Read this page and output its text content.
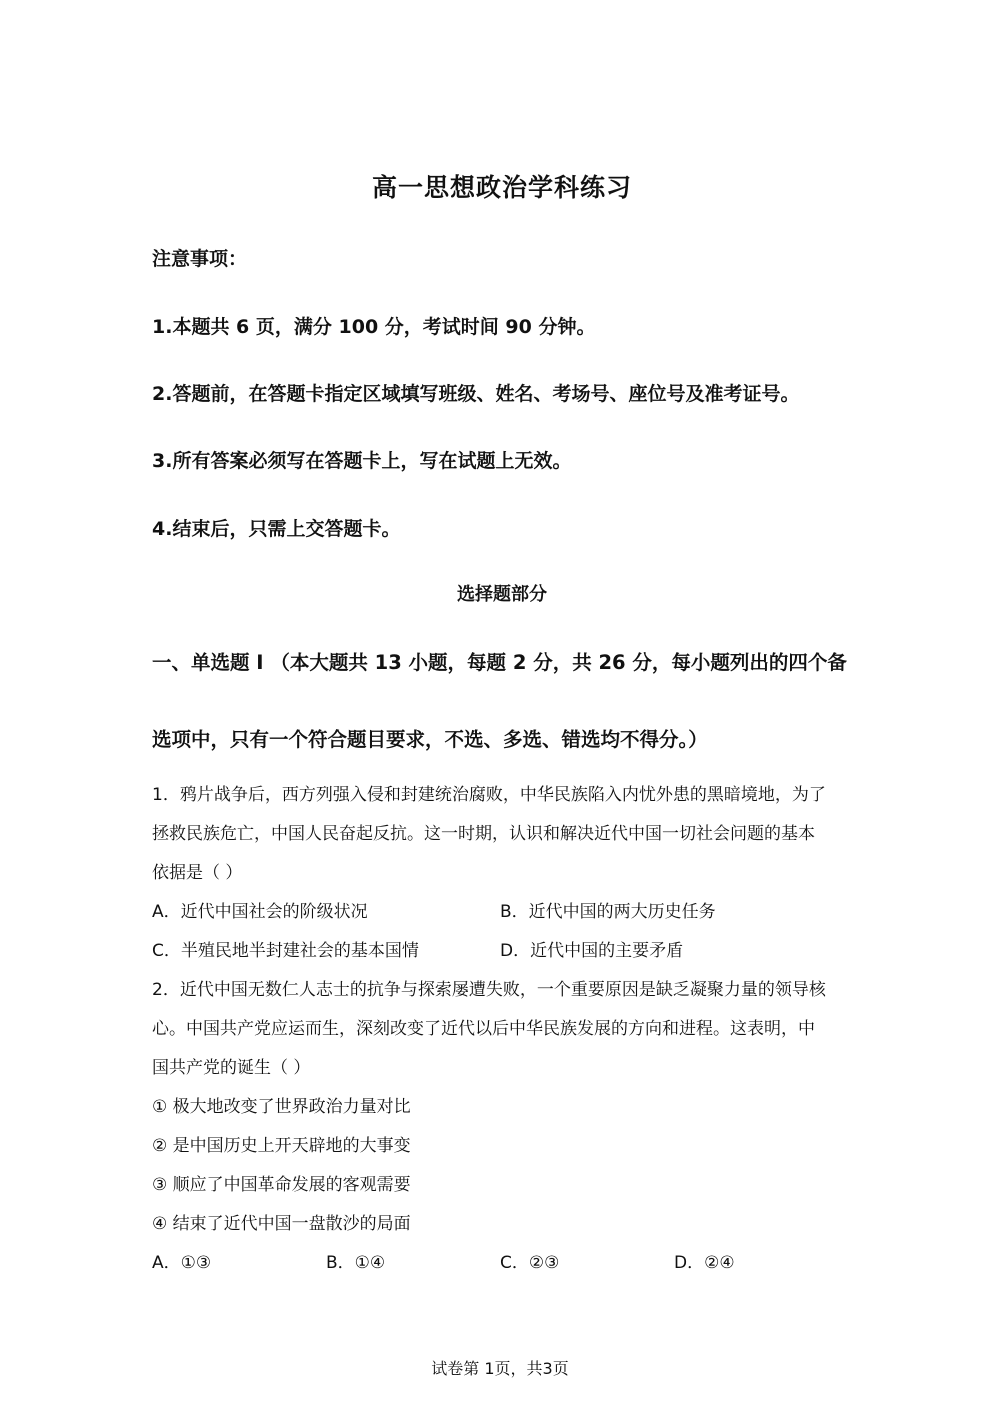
高一思想政治学科练习
注意事项：
1.本题共 6 页，满分 100 分，考试时间 90 分钟。
2.答题前，在答题卡指定区域填写班级、姓名、考场号、座位号及准考证号。
3.所有答案必须写在答题卡上，写在试题上无效。
4.结束后，只需上交答题卡。
选择题部分
一、单选题 I （本大题共 13 小题，每题 2 分，共 26 分，每小题列出的四个备
选项中，只有一个符合题目要求，不选、多选、错选均不得分。）
1．鸦片战争后，西方列强入侵和封建统治腐败，中华民族陷入内忧外患的黑暗境地，为了
拯救民族危亡，中国人民奋起反抗。这一时期，认识和解决近代中国一切社会问题的基本
依据是（ ）
A．近代中国社会的阶级状况	B．近代中国的两大历史任务
C．半殖民地半封建社会的基本国情	D．近代中国的主要矛盾
2．近代中国无数仁人志士的抗争与探索屡遭失败，一个重要原因是缺乏凝聚力量的领导核
心。中国共产党应运而生，深刻改变了近代以后中华民族发展的方向和进程。这表明，中
国共产党的诞生（ ）
① 极大地改变了世界政治力量对比
② 是中国历史上开天辟地的大事变
③ 顺应了中国革命发展的客观需要
④ 结束了近代中国一盘散沙的局面
A．①③	B．①④	C．②③	D．②④
试卷第 1页，共3页
